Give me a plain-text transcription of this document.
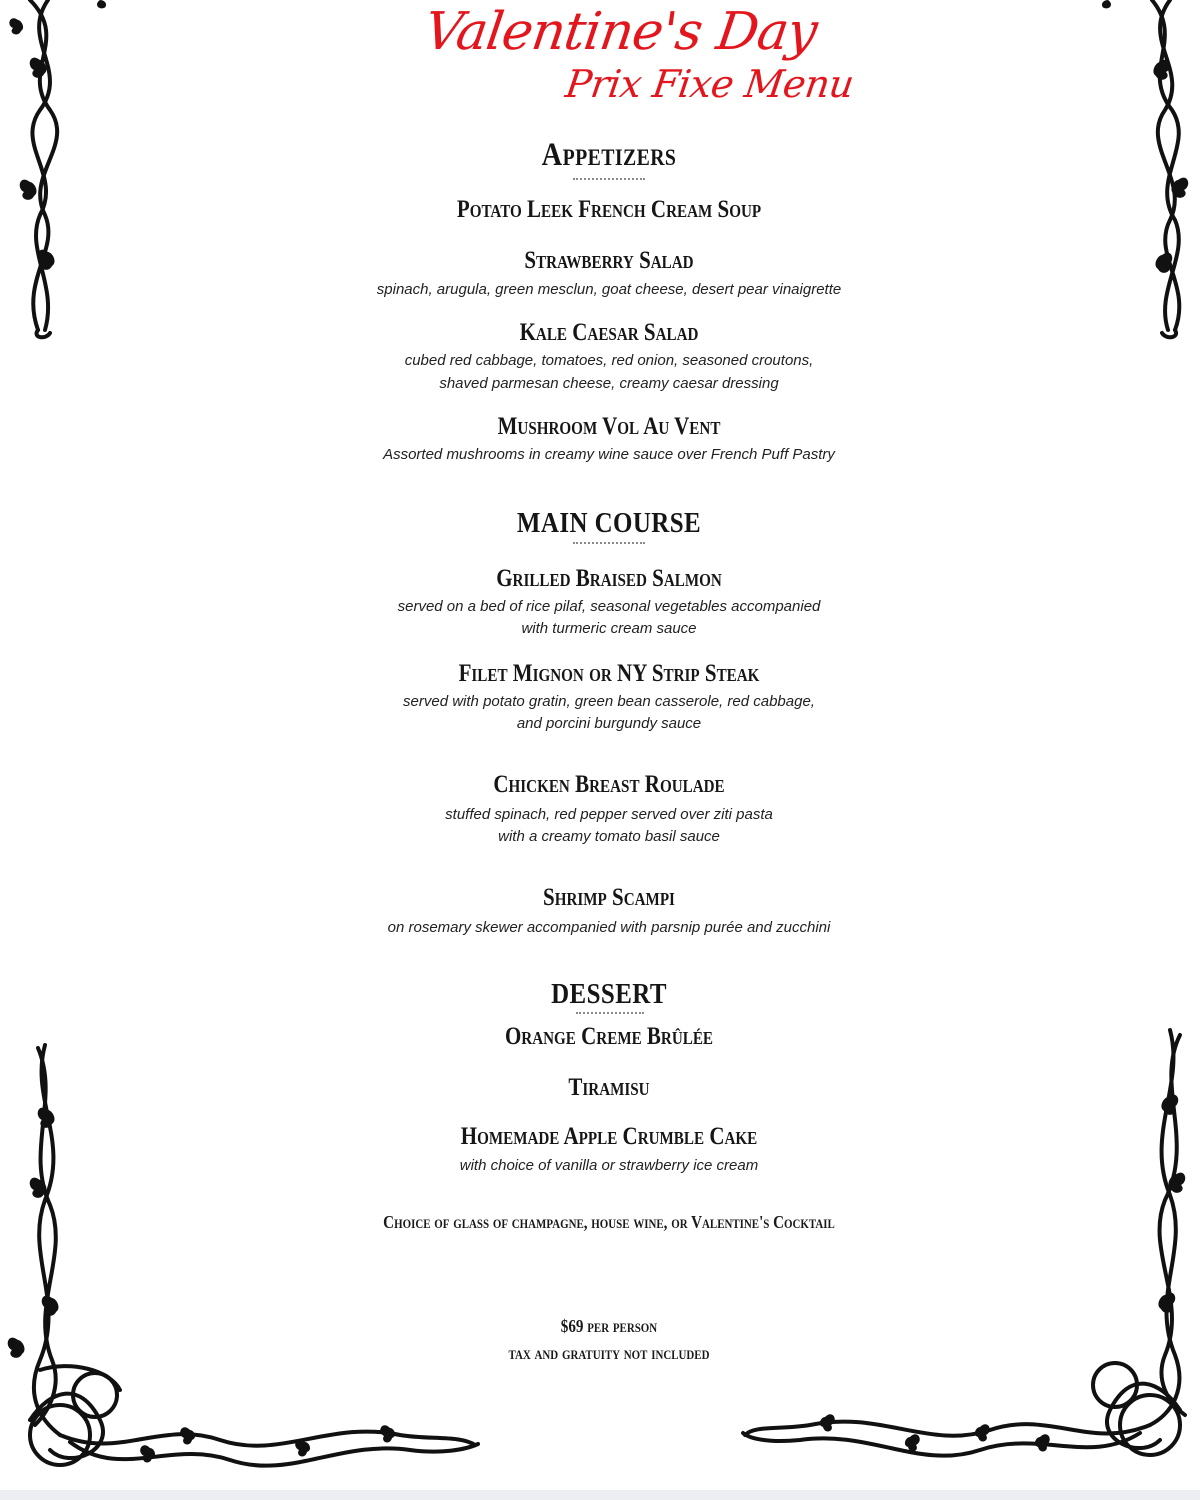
Valentine's Day
Prix Fixe Menu
Appetizers
Potato Leek French Cream Soup
Strawberry Salad
spinach, arugula, green mesclun, goat cheese, desert pear vinaigrette
Kale Caesar Salad
cubed red cabbage, tomatoes, red onion, seasoned croutons,
shaved parmesan cheese, creamy caesar dressing
Mushroom Vol Au Vent
Assorted mushrooms in creamy wine sauce over French Puff Pastry
MAIN COURSE
Grilled Braised Salmon
served on a bed of rice pilaf, seasonal vegetables accompanied
with turmeric cream sauce
Filet Mignon or NY Strip Steak
served with potato gratin, green bean casserole, red cabbage,
and porcini burgundy sauce
Chicken Breast Roulade
stuffed spinach, red pepper served over ziti pasta
with a creamy tomato basil sauce
Shrimp Scampi
on rosemary skewer accompanied with parsnip purée and zucchini
DESSERT
Orange Creme Brûlée
Tiramisu
Homemade Apple Crumble Cake
with choice of vanilla or strawberry ice cream
Choice of glass of champagne, house wine, or Valentine's Cocktail
$69 per person
tax and gratuity not included
